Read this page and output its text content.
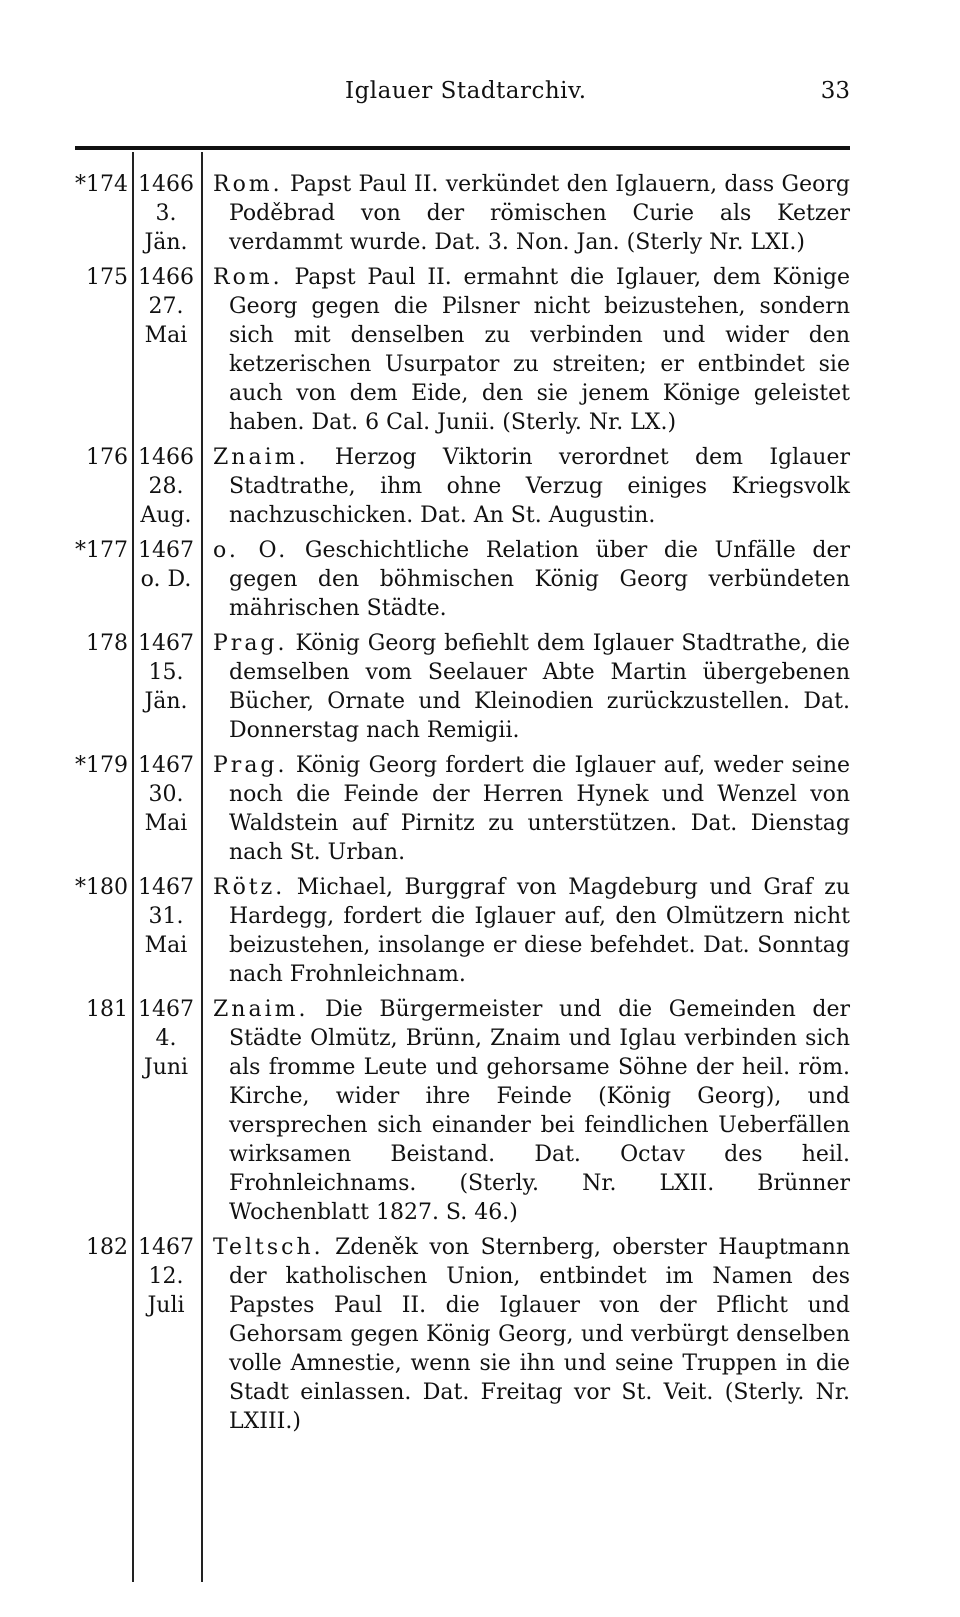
Iglauer Stadtarchiv.	33
*174 1466
3.
Jän.
Rom. Papst Paul II. verkündet den Iglauern, dass Georg Poděbrad von der römischen Curie als Ketzer verdammt wurde. Dat. 3. Non. Jan. (Sterly Nr. LXI.)
175 1466
27.
Mai
Rom. Papst Paul II. ermahnt die Iglauer, dem Könige Georg gegen die Pilsner nicht beizustehen, sondern sich mit denselben zu verbinden und wider den ketzerischen Usurpator zu streiten; er entbindet sie auch von dem Eide, den sie jenem Könige geleistet haben. Dat. 6 Cal. Junii. (Sterly. Nr. LX.)
176 1466
28.
Aug.
Znaim. Herzog Viktorin verordnet dem Iglauer Stadtrathe, ihm ohne Verzug einiges Kriegsvolk nachzuschicken. Dat. An St. Augustin.
*177 1467
o. D.
o. O. Geschichtliche Relation über die Unfälle der gegen den böhmischen König Georg verbündeten mährischen Städte.
178 1467
15.
Jän.
Prag. König Georg befiehlt dem Iglauer Stadtrathe, die demselben vom Seelauer Abte Martin übergebenen Bücher, Ornate und Kleinodien zurückzustellen. Dat. Donnerstag nach Remigii.
*179 1467
30.
Mai
Prag. König Georg fordert die Iglauer auf, weder seine noch die Feinde der Herren Hynek und Wenzel von Waldstein auf Pirnitz zu unterstützen. Dat. Dienstag nach St. Urban.
*180 1467
31.
Mai
Rötz. Michael, Burggraf von Magdeburg und Graf zu Hardegg, fordert die Iglauer auf, den Olmützern nicht beizustehen, insolange er diese befehdet. Dat. Sonntag nach Frohnleichnam.
181 1467
4.
Juni
Znaim. Die Bürgermeister und die Gemeinden der Städte Olmütz, Brünn, Znaim und Iglau verbinden sich als fromme Leute und gehorsame Söhne der heil. röm. Kirche, wider ihre Feinde (König Georg), und versprechen sich einander bei feindlichen Ueberfällen wirksamen Beistand. Dat. Octav des heil. Frohnleichnams. (Sterly. Nr. LXII. Brünner Wochenblatt 1827. S. 46.)
182 1467
12.
Juli
Teltsch. Zdeněk von Sternberg, oberster Hauptmann der katholischen Union, entbindet im Namen des Papstes Paul II. die Iglauer von der Pflicht und Gehorsam gegen König Georg, und verbürgt denselben volle Amnestie, wenn sie ihn und seine Truppen in die Stadt einlassen. Dat. Freitag vor St. Veit. (Sterly. Nr. LXIII.)
